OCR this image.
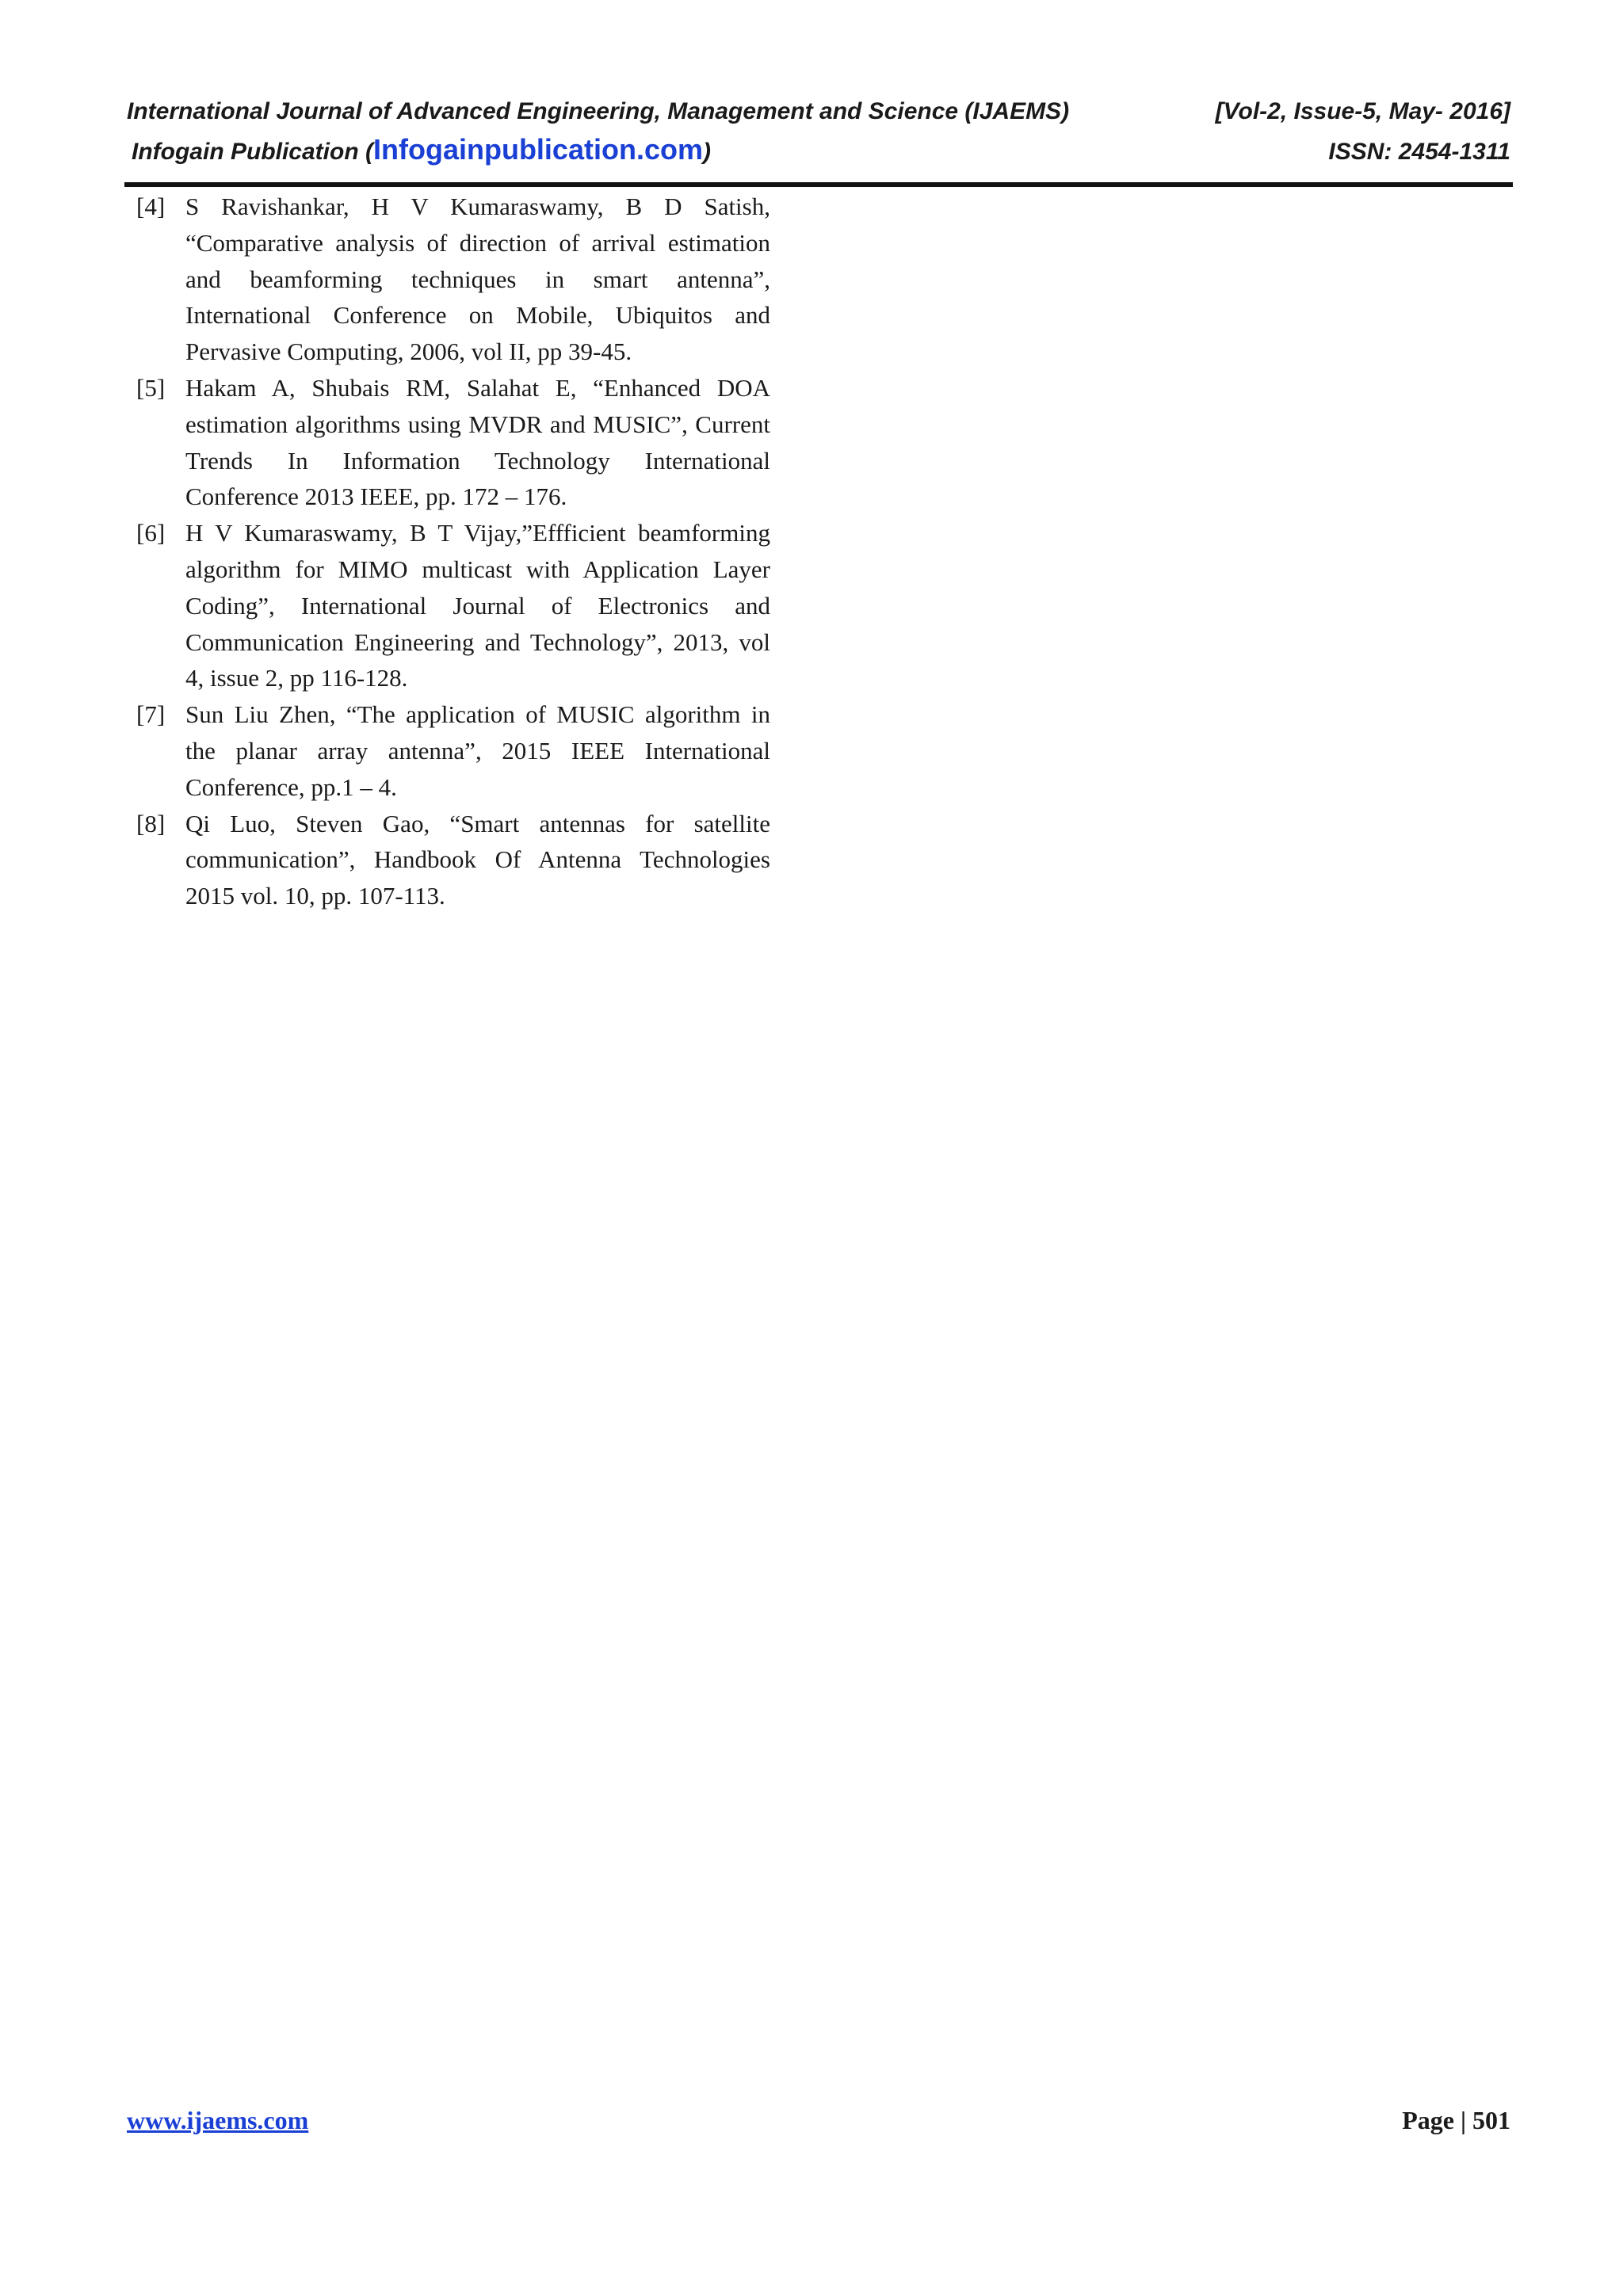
International Journal of Advanced Engineering, Management and Science (IJAEMS)	[Vol-2, Issue-5, May- 2016]
Infogain Publication (Infogainpublication.com)	ISSN: 2454-1311
[4] S Ravishankar, H V Kumaraswamy, B D Satish, “Comparative analysis of direction of arrival estimation and beamforming techniques in smart antenna”, International Conference on Mobile, Ubiquitos and Pervasive Computing, 2006, vol II, pp 39-45.
[5] Hakam A, Shubais RM, Salahat E, “Enhanced DOA estimation algorithms using MVDR and MUSIC”, Current Trends In Information Technology International Conference 2013 IEEE, pp. 172 – 176.
[6] H V Kumaraswamy, B T Vijay,”Effficient beamforming algorithm for MIMO multicast with Application Layer Coding”, International Journal of Electronics and Communication Engineering and Technology”, 2013, vol 4, issue 2, pp 116-128.
[7] Sun Liu Zhen, “The application of MUSIC algorithm in the planar array antenna”, 2015 IEEE International Conference, pp.1 – 4.
[8] Qi Luo, Steven Gao, “Smart antennas for satellite communication”, Handbook Of Antenna Technologies 2015 vol. 10, pp. 107-113.
www.ijaems.com	Page | 501
